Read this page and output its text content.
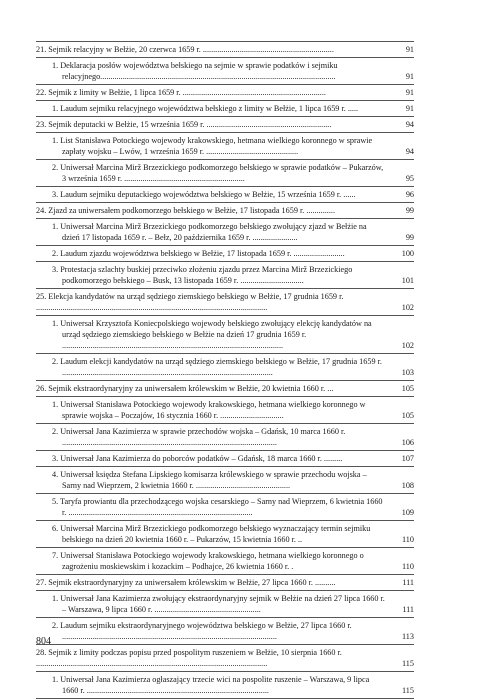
21. Sejmik relacyjny w Bełżie, 20 czerwca 1659 r. ................................................................	91
1. Deklaracja posłów województwa bełskiego na sejmie w sprawie podatków i sejmiku relacyjnego...................................................................................................................	91
22. Sejmik z limity w Bełżie, 1 lipca 1659 r. ......................................................................	91
1. Laudum sejmiku relacyjnego województwa bełskiego z limity w Bełżie, 1 lipca 1659 r. .....	91
23. Sejmik deputacki w Bełżie, 15 września 1659 r. .............................................................	94
1. List Stanisława Potockiego wojewody krakowskiego, hetmana wielkiego koronnego w sprawie zapłaty wojsku – Lwów, 1 września 1659 r. .............................................	94
2. Uniwersał Marcina Mirž Brzezickiego podkomorzego bełskiego w sprawie podatków – Pukarzów, 3 września 1659 r. ...........................................................	95
3. Laudum sejmiku deputackiego województwa bełskiego w Bełżie, 15 września 1659 r. ......	96
24. Zjazd za uniwersałem podkomorzego bełskiego w Bełżie, 17 listopada 1659 r. ..............	99
1. Uniwersał Marcina Mirž Brzezickiego podkomorzego bełskiego zwołujący zjazd w Bełżie na dzień 17 listopada 1659 r. – Bełz, 20 października 1659 r. ......................	99
2. Laudum zjazdu województwa bełskiego w Bełżie, 17 listopada 1659 r. .........................	100
3. Protestacja szlachty buskiej przeciwko złożeniu zjazdu przez Marcina Mirž Brzezickiego podkomorzego bełskiego – Busk, 13 listopada 1659 r. ...............................	101
25. Elekcja kandydatów na urząd sędziego ziemskiego bełskiego w Bełżie, 17 grudnia 1659 r. .................................................................................................................	102
1. Uniwersał Krzysztofa Koniecpolskiego wojewody bełskiego zwołujący elekcję kandydatów na urząd sędziego ziemskiego bełskiego w Bełżie na dzień 17 grudnia 1659 r. ............................................................................................................	102
2. Laudum elekcji kandydatów na urząd sędziego ziemskiego bełskiego w Bełżie, 17 grudnia 1659 r. .......................................................................................................	103
26. Sejmik ekstraordynaryjny za uniwersałem królewskim w Bełżie, 20 kwietnia 1660 r. ...	105
1. Uniwersał Stanisława Potockiego wojewody krakowskiego, hetmana wielkiego koronnego w sprawie wojska – Poczajów, 16 stycznia 1660 r. ...............................	105
2. Uniwersał Jana Kazimierza w sprawie przechodów wojska – Gdańsk, 10 marca 1660 r. .........................................................................................................	106
3. Uniwersał Jana Kazimierza do poborców podatków – Gdańsk, 18 marca 1660 r. .........	107
4. Uniwersał księdza Stefana Lipskiego komisarza królewskiego w sprawie przechodu wojska – Sarny nad Wieprzem, 2 kwietnia 1660 r. ..............................................	108
5. Taryfa prowiantu dla przechodzącego wojska cesarskiego – Sarny nad Wieprzem, 6 kwietnia 1660 r. ..........................................................................................	109
6. Uniwersał Marcina Mirž Brzezickiego podkomorzego bełskiego wyznaczający termin sejmiku bełskiego na dzień 20 kwietnia 1660 r. – Pukarzów, 15 kwietnia 1660 r. ..	110
7. Uniwersał Stanisława Potockiego wojewody krakowskiego, hetmana wielkiego koronnego o zagrożeniu moskiewskim i kozackim – Podhajce, 26 kwietnia 1660 r. .	110
27. Sejmik ekstraordynaryjny za uniwersałem królewskim w Bełżie, 27 lipca 1660 r. ..........	111
1. Uniwersał Jana Kazimierza zwołujący ekstraordynaryjny sejmik w Bełżie na dzień 27 lipca 1660 r. – Warszawa, 9 lipca 1660 r. ....................................................	111
2. Laudum sejmiku ekstraordynaryjnego województwa bełskiego w Bełżie, 27 lipca 1660 r. .........................................................................................................	113
28. Sejmik z limity podczas popisu przed pospolitym ruszeniem w Bełżie, 10 sierpnia 1660 r. .................................................................................................................	115
1. Uniwersał Jana Kazimierza ogłaszający trzecie wici na pospolite ruszenie – Warszawa, 9 lipca 1660 r. .........................................................................................	115
804
